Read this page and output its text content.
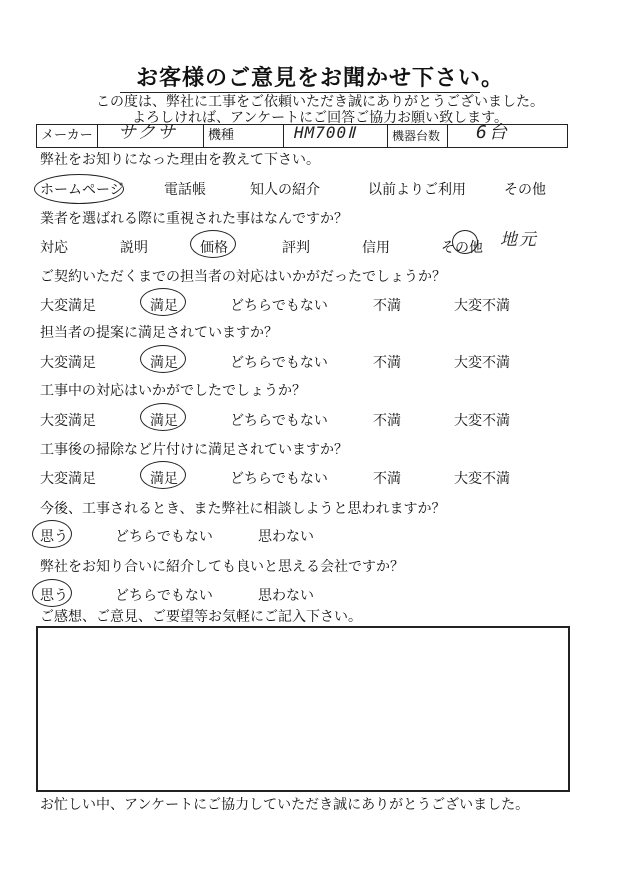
お客様のご意見をお聞かせ下さい。
この度は、弊社に工事をご依頼いただき誠にありがとうございました。
よろしければ、アンケートにご回答ご協力お願い致します。
メーカー サクサ 機種	HM700Ⅱ	機器台数 6台
弊社をお知りになった理由を教えて下さい。
ホームページ	電話帳	知人の紹介	以前よりご利用	その他
業者を選ばれる際に重視された事はなんですか？
対応	説明	価格	評判	信用	その他 地元
ご契約いただくまでの担当者の対応はいかがだったでしょうか？
大変満足	満足	どちらでもない	不満	大変不満
担当者の提案に満足されていますか？
大変満足	満足	どちらでもない	不満	大変不満
工事中の対応はいかがでしたでしょうか？
大変満足	満足	どちらでもない	不満	大変不満
工事後の掃除など片付けに満足されていますか？
大変満足	満足	どちらでもない	不満	大変不満
今後、工事されるとき、また弊社に相談しようと思われますか？
思う	どちらでもない	思わない
弊社をお知り合いに紹介しても良いと思える会社ですか？
思う	どちらでもない	思わない
ご感想、ご意見、ご要望等お気軽にご記入下さい。
お忙しい中、アンケートにご協力していただき誠にありがとうございました。
